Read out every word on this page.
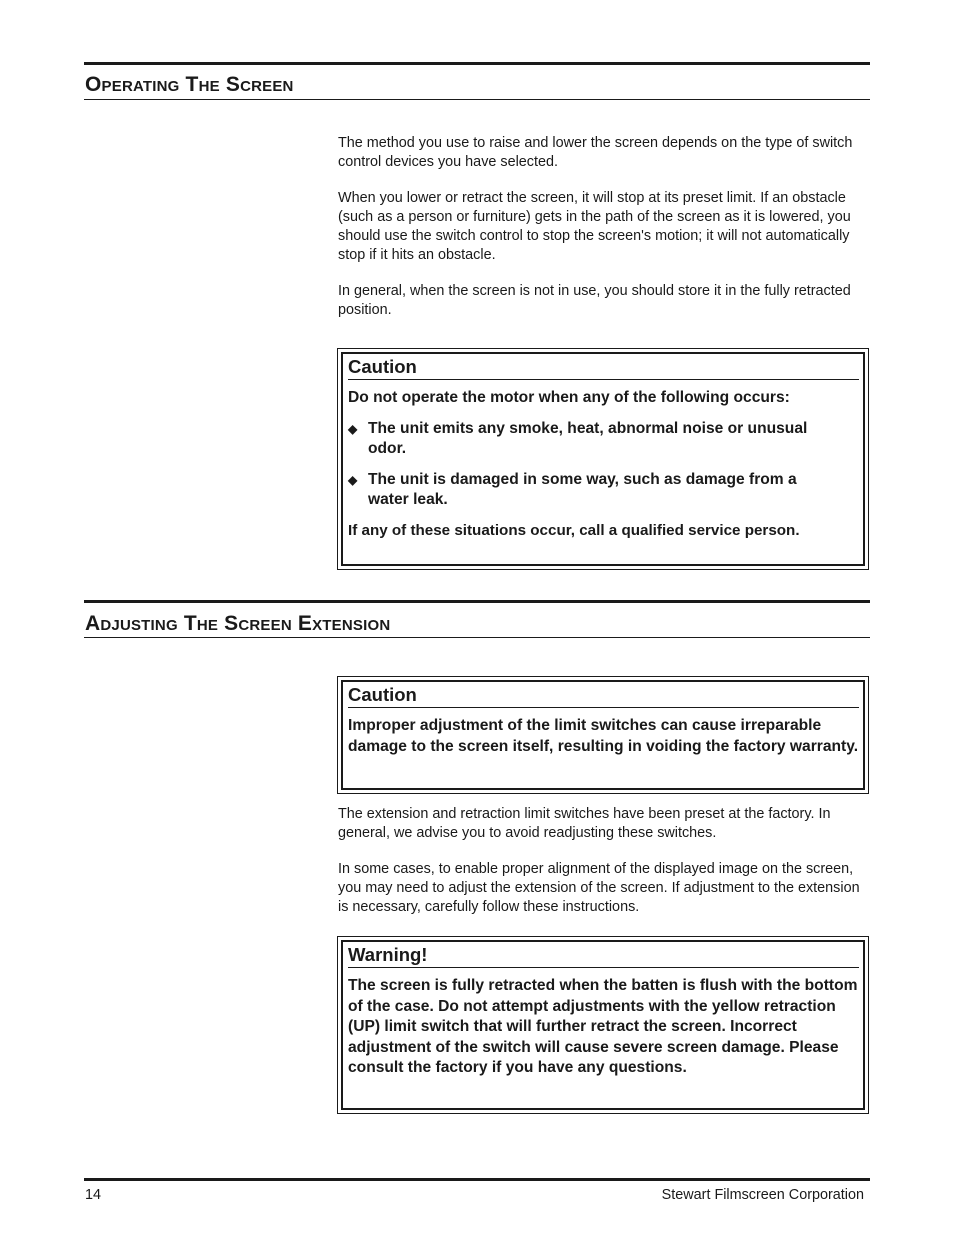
Operating The Screen

The method you use to raise and lower the screen depends on the type of switch control devices you have selected.

When you lower or retract the screen, it will stop at its preset limit. If an obstacle (such as a person or furniture) gets in the path of the screen as it is lowered, you should use the switch control to stop the screen's motion; it will not automatically stop if it hits an obstacle.

In general, when the screen is not in use, you should store it in the fully retracted position.

Caution

Do not operate the motor when any of the following occurs:

◆ The unit emits any smoke, heat, abnormal noise or unusual odor.
◆ The unit is damaged in some way, such as damage from a water leak.

If any of these situations occur, call a qualified service person.

Adjusting The Screen Extension

Caution

Improper adjustment of the limit switches can cause irreparable damage to the screen itself, resulting in voiding the factory warranty.

The extension and retraction limit switches have been preset at the factory. In general, we advise you to avoid readjusting these switches.

In some cases, to enable proper alignment of the displayed image on the screen, you may need to adjust the extension of the screen. If adjustment to the extension is necessary, carefully follow these instructions.

Warning!

The screen is fully retracted when the batten is flush with the bottom of the case. Do not attempt adjustments with the yellow retraction (UP) limit switch that will further retract the screen. Incorrect adjustment of the switch will cause severe screen damage. Please consult the factory if you have any questions.

14	Stewart Filmscreen Corporation
